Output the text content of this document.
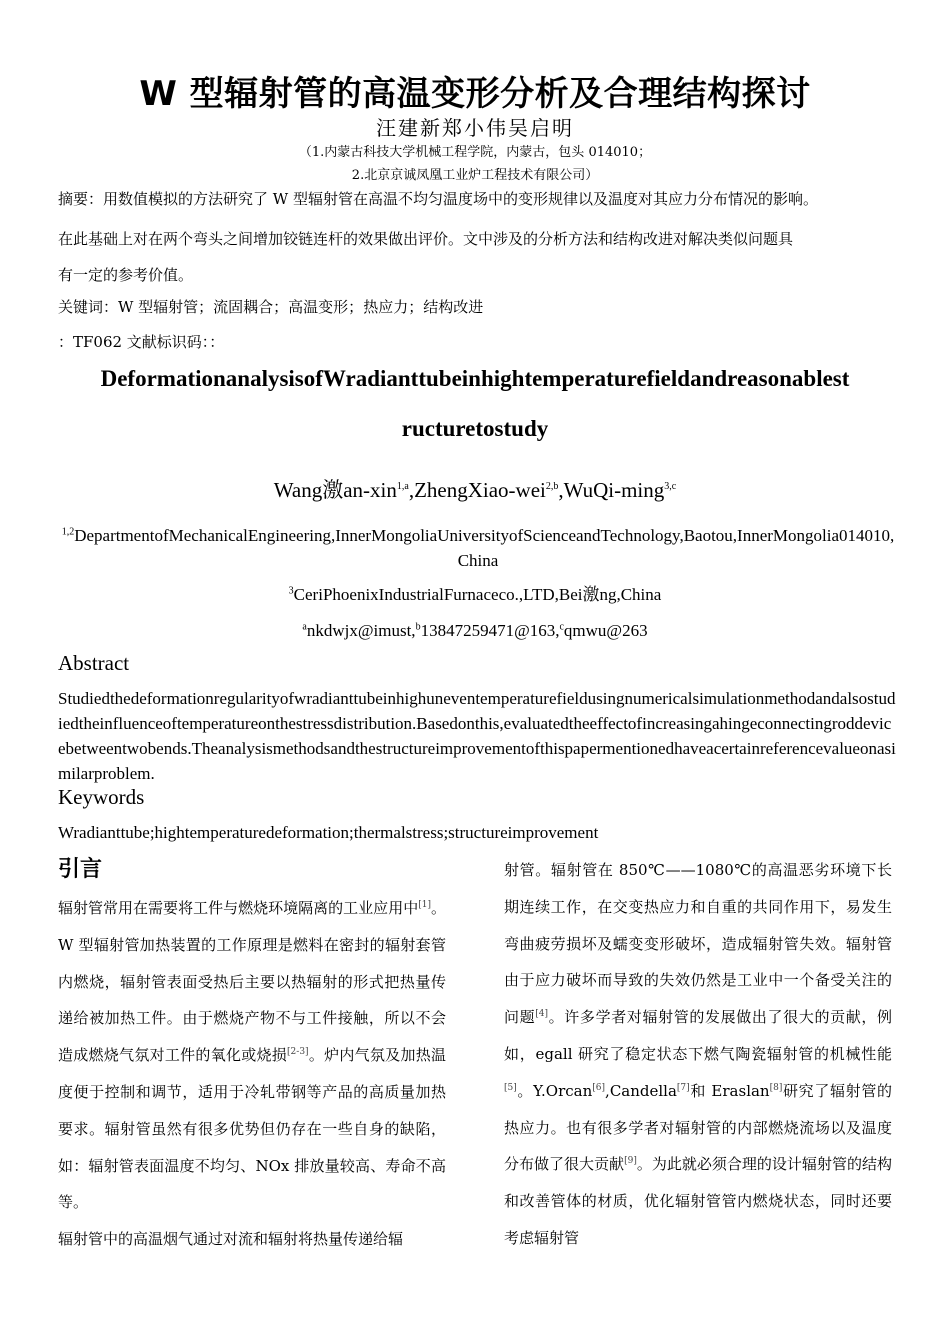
W 型辐射管的高温变形分析及合理结构探讨
汪建新郑小伟吴启明
（1.内蒙古科技大学机械工程学院，内蒙古，包头 014010；
2.北京京诚凤凰工业炉工程技术有限公司）
摘要：用数值模拟的方法研究了 W 型辐射管在高温不均匀温度场中的变形规律以及温度对其应力分布情况的影响。
在此基础上对在两个弯头之间增加铰链连杆的效果做出评价。文中涉及的分析方法和结构改进对解决类似问题具
有一定的参考价值。
关键词：W 型辐射管；流固耦合；高温变形；热应力；结构改进
：TF062 文献标识码：：
DeformationanalysisofWradianttubeinhightemperaturefieldandreasonablest
ructuretostudy
Wang激an-xin$^{1,a}$,ZhengXiao-wei$^{2,b}$,WuQi-ming$^{3,c}$
$^{1,2}$DepartmentofMechanicalEngineering,InnerMongoliaUniversityofScienceandTechnology,Baotou,InnerMongolia014010,China
$^3$CeriPhoenixIndustrialFurnaceco.,LTD,Bei激ng,China
$^a$nkdwjx@imust,$^b$13847259471@163,$^c$qmwu@263
Abstract
Studiedthedeformationregularityofwradianttubeinhighuneventemperaturefieldusingnumericalsimulationmethodandalsostudiedtheinfluenceoftemperatureonthestressdistribution.Basedonthis,evaluatedtheeffectofincreasingahingeconnectingroddevicebetweentwobends.Theanalysismethodsandthestructureimprovementofthispapermentionedhaveacertainreferencevalueonasimilarproblem.
Keywords
Wradianttube;hightemperaturedeformation;thermalstress;structureimprovement
引言
辐射管常用在需要将工件与燃烧环境隔离的工业应用中[1]。W 型辐射管加热装置的工作原理是燃料在密封的辐射套管内燃烧，辐射管表面受热后主要以热辐射的形式把热量传递给被加热工件。由于燃烧产物不与工件接触，所以不会造成燃烧气氛对工件的氧化或烧损[2-3]。炉内气氛及加热温度便于控制和调节，适用于冷轧带钢等产品的高质量加热要求。辐射管虽然有很多优势但仍存在一些自身的缺陷，如：辐射管表面温度不均匀、NOx 排放量较高、寿命不高等。
辐射管中的高温烟气通过对流和辐射将热量传递给辐
射管。辐射管在 850℃——1080℃的高温恶劣环境下长期连续工作，在交变热应力和自重的共同作用下，易发生弯曲疲劳损坏及蠕变变形破坏，造成辐射管失效。辐射管由于应力破坏而导致的失效仍然是工业中一个备受关注的问题[4]。许多学者对辐射管的发展做出了很大的贡献，例如，egall 研究了稳定状态下燃气陶瓷辐射管的机械性能[5]。Y.Orcan[6],Candella[7]和 Eraslan[8]研究了辐射管的热应力。也有很多学者对辐射管的内部燃烧流场以及温度分布做了很大贡献[9]。为此就必须合理的设计辐射管的结构和改善管体的材质，优化辐射管管内燃烧状态，同时还要考虑辐射管
